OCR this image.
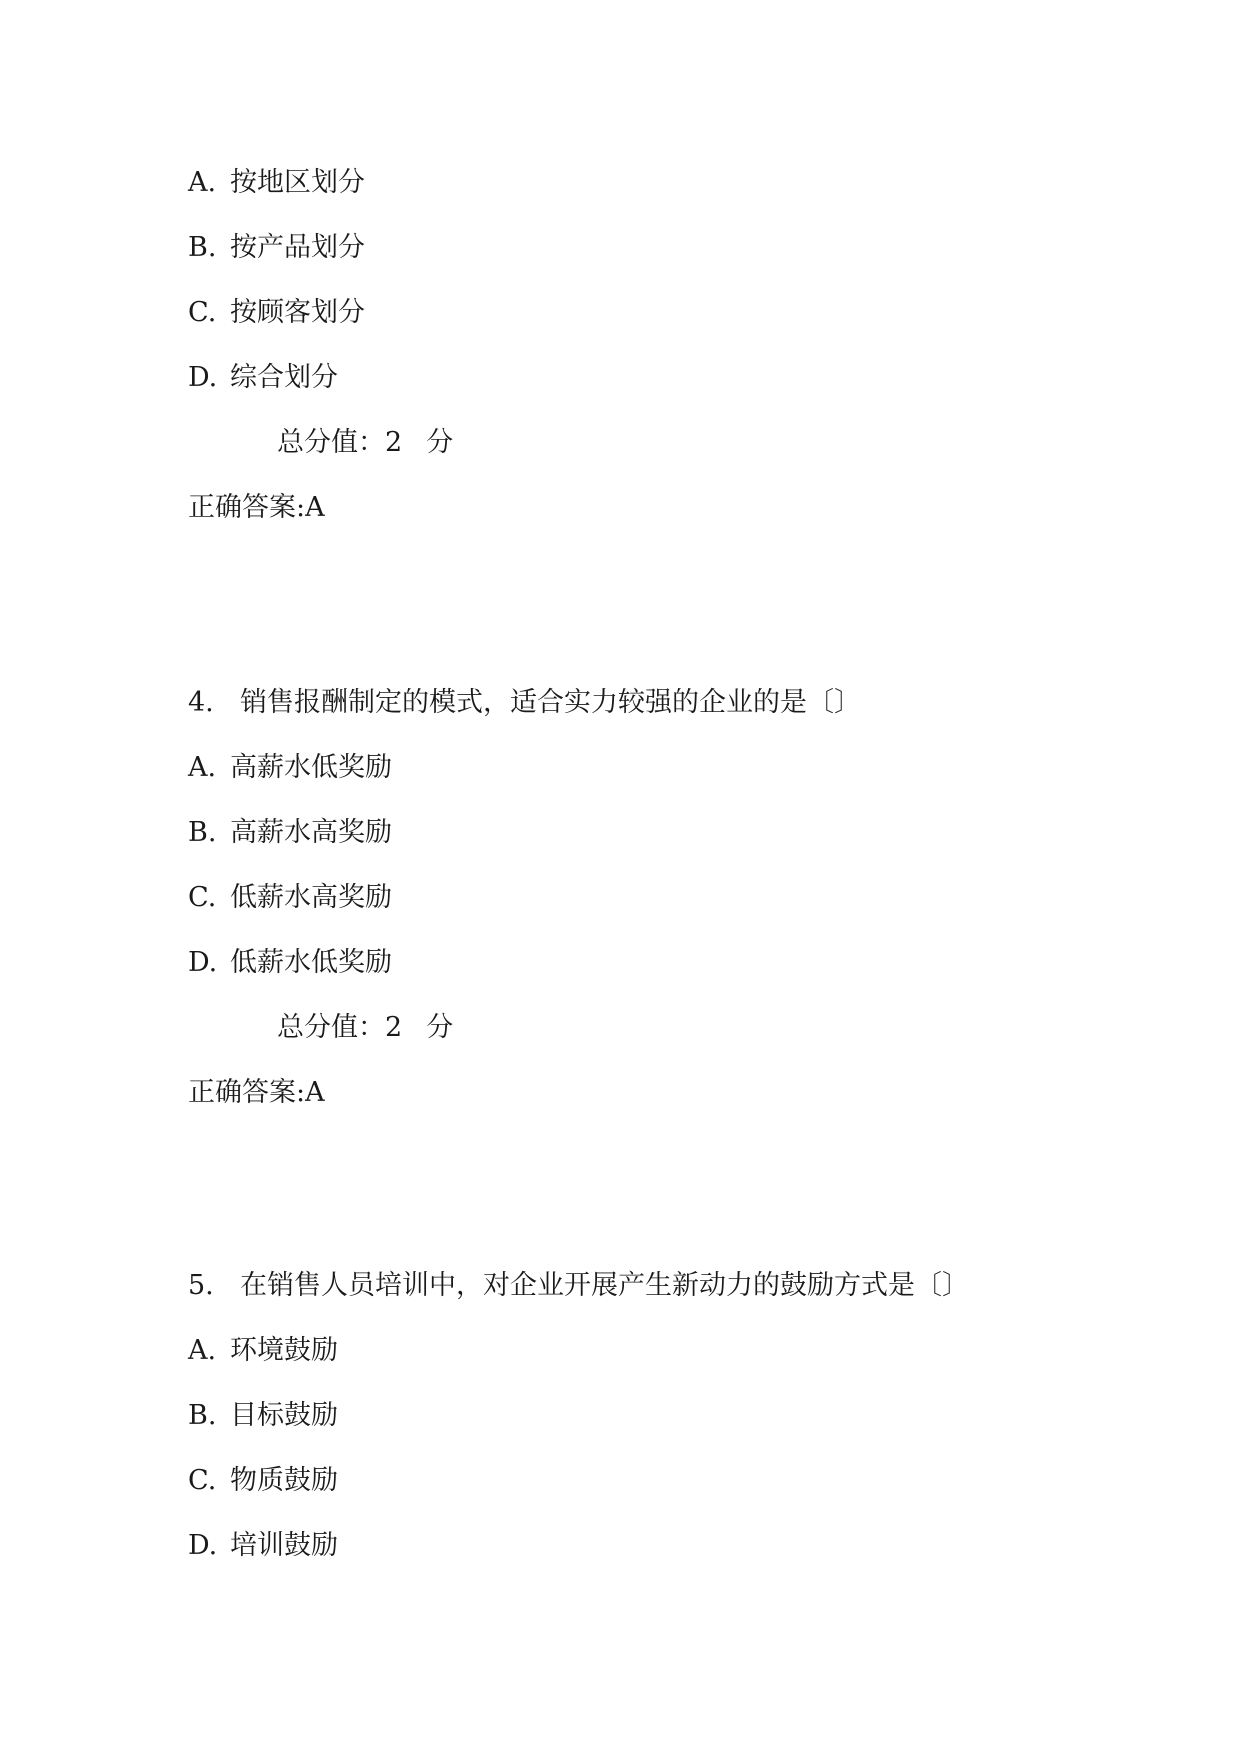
A. 按地区划分
B. 按产品划分
C. 按顾客划分
D. 综合划分
总分值：2 分
正确答案:A
4. 销售报酬制定的模式，适合实力较强的企业的是〔〕
A. 高薪水低奖励
B. 高薪水高奖励
C. 低薪水高奖励
D. 低薪水低奖励
总分值：2 分
正确答案:A
5. 在销售人员培训中，对企业开展产生新动力的鼓励方式是〔〕
A. 环境鼓励
B. 目标鼓励
C. 物质鼓励
D. 培训鼓励
